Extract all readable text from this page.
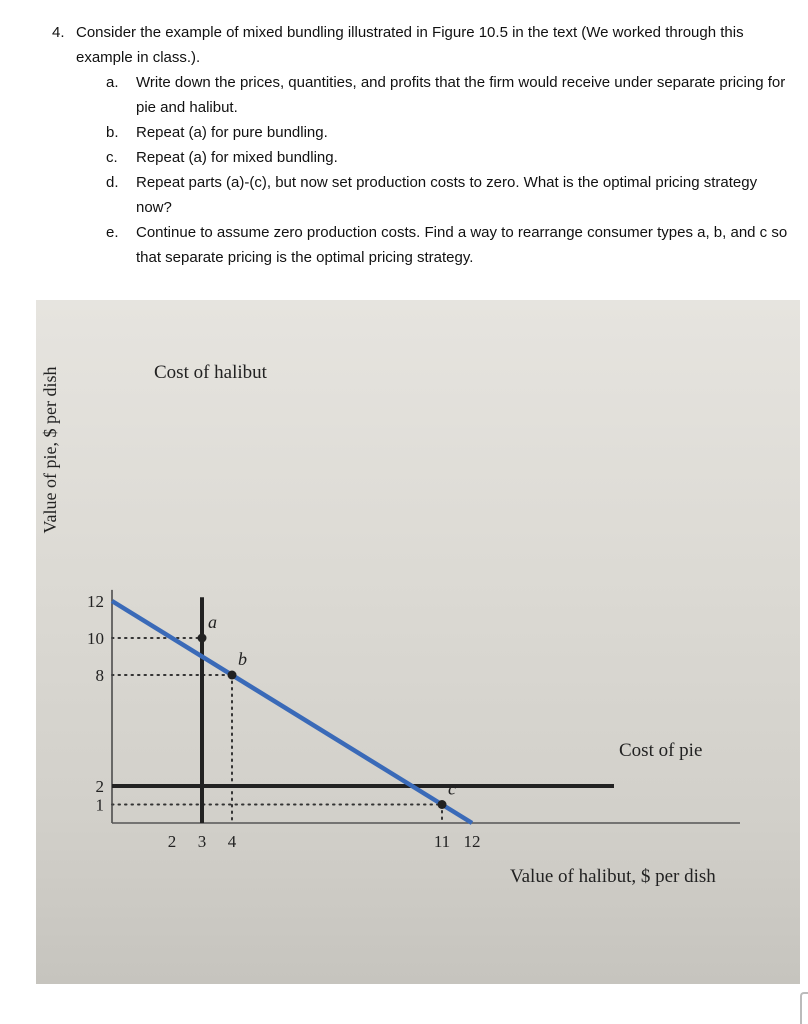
4. Consider the example of mixed bundling illustrated in Figure 10.5 in the text (We worked through this example in class.).
a. Write down the prices, quantities, and profits that the firm would receive under separate pricing for pie and halibut.
b. Repeat (a) for pure bundling.
c. Repeat (a) for mixed bundling.
d. Repeat parts (a)-(c), but now set production costs to zero. What is the optimal pricing strategy now?
e. Continue to assume zero production costs. Find a way to rearrange consumer types a, b, and c so that separate pricing is the optimal pricing strategy.
12
10
8
2
1
2 3 4	11 12
a
b
c
Cost of halibut
Cost of pie
Value of halibut, $ per dish
Value of pie, $ per dish
